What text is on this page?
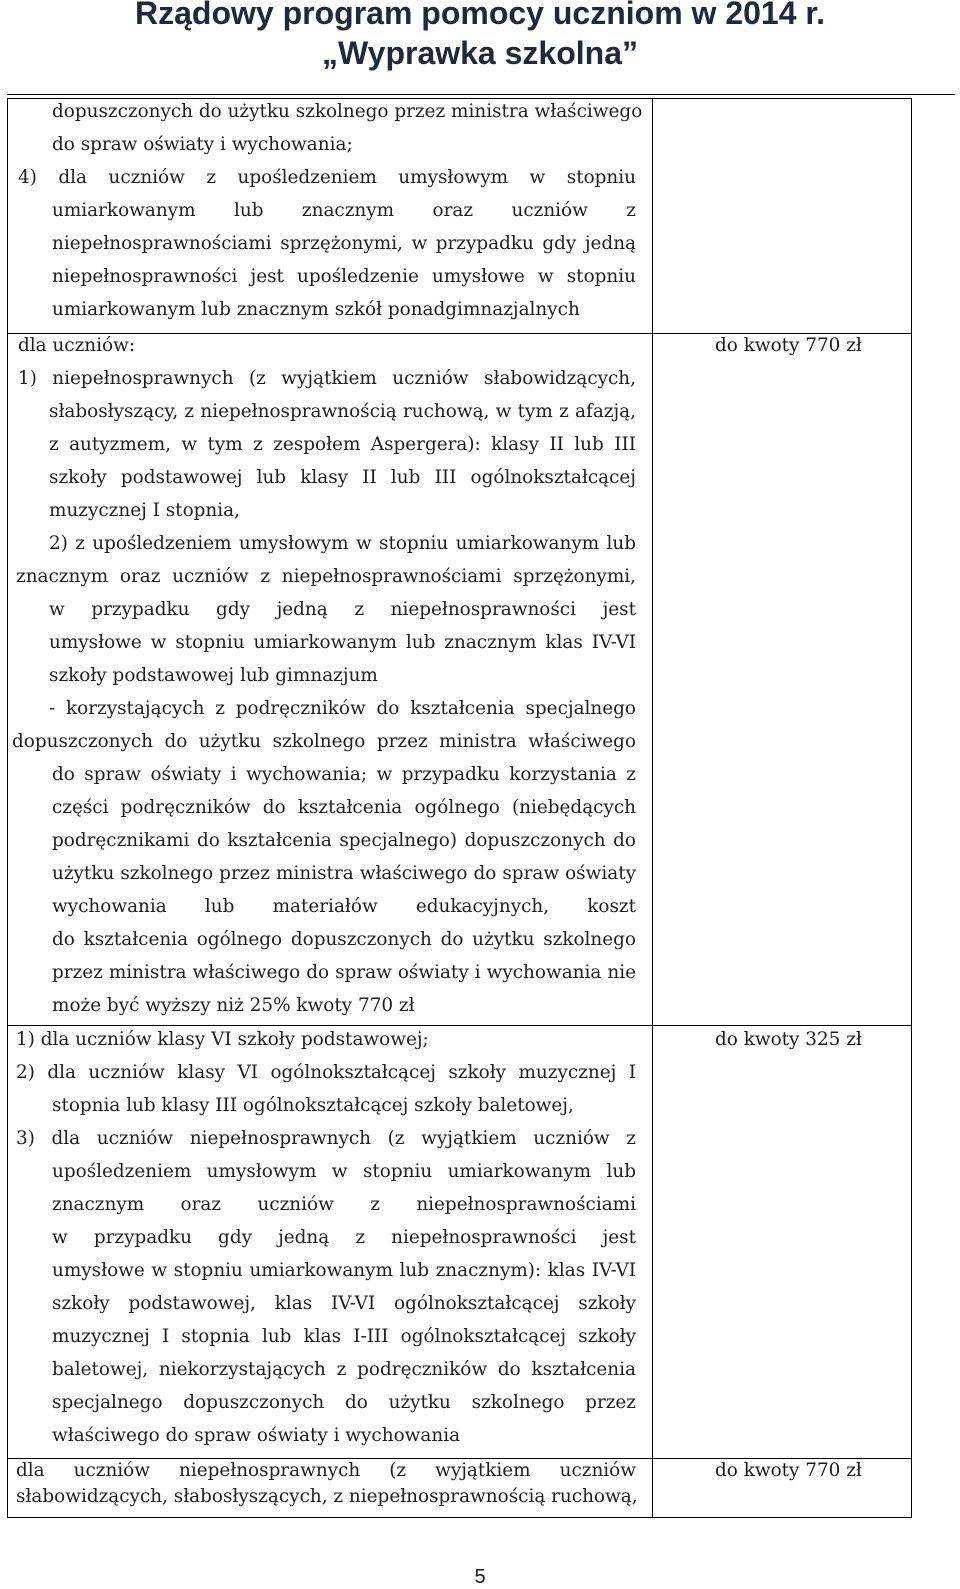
Rządowy program pomocy uczniom w 2014 r.
„Wyprawka szkolna”
dopuszczonych do użytku szkolnego przez ministra właściwego
do spraw oświaty i wychowania;
4) dla uczniów z upośledzeniem umysłowym w stopniu
umiarkowanym lub znacznym oraz uczniów z
niepełnosprawnościami sprzężonymi, w przypadku gdy jedną
niepełnosprawności jest upośledzenie umysłowe w stopniu
umiarkowanym lub znacznym szkół ponadgimnazjalnych
dla uczniów:
1) niepełnosprawnych (z wyjątkiem uczniów słabowidzących,
słabosłyszący, z niepełnosprawnością ruchową, w tym z afazją,
z autyzmem, w tym z zespołem Aspergera): klasy II lub III
szkoły podstawowej lub klasy II lub III ogólnokształcącej
muzycznej I stopnia,
2) z upośledzeniem umysłowym w stopniu umiarkowanym lub
znacznym oraz uczniów z niepełnosprawnościami sprzężonymi,
w przypadku gdy jedną z niepełnosprawności jest
umysłowe w stopniu umiarkowanym lub znacznym klas IV-VI
szkoły podstawowej lub gimnazjum
- korzystających z podręczników do kształcenia specjalnego
dopuszczonych do użytku szkolnego przez ministra właściwego
do spraw oświaty i wychowania; w przypadku korzystania z
części podręczników do kształcenia ogólnego (niebędących
podręcznikami do kształcenia specjalnego) dopuszczonych do
użytku szkolnego przez ministra właściwego do spraw oświaty
wychowania lub materiałów edukacyjnych, koszt
do kształcenia ogólnego dopuszczonych do użytku szkolnego
przez ministra właściwego do spraw oświaty i wychowania nie
może być wyższy niż 25% kwoty 770 zł
do kwoty 770 zł
1) dla uczniów klasy VI szkoły podstawowej;
2) dla uczniów klasy VI ogólnokształcącej szkoły muzycznej I
stopnia lub klasy III ogólnokształcącej szkoły baletowej,
3) dla uczniów niepełnosprawnych (z wyjątkiem uczniów z
upośledzeniem umysłowym w stopniu umiarkowanym lub
znacznym oraz uczniów z niepełnosprawnościami
w przypadku gdy jedną z niepełnosprawności jest
umysłowe w stopniu umiarkowanym lub znacznym): klas IV-VI
szkoły podstawowej, klas IV-VI ogólnokształcącej szkoły
muzycznej I stopnia lub klas I-III ogólnokształcącej szkoły
baletowej, niekorzystających z podręczników do kształcenia
specjalnego dopuszczonych do użytku szkolnego przez
właściwego do spraw oświaty i wychowania
do kwoty 325 zł
dla uczniów niepełnosprawnych (z wyjątkiem uczniów
słabowidzących, słabosłyszących, z niepełnosprawnością ruchową,
do kwoty 770 zł
5
